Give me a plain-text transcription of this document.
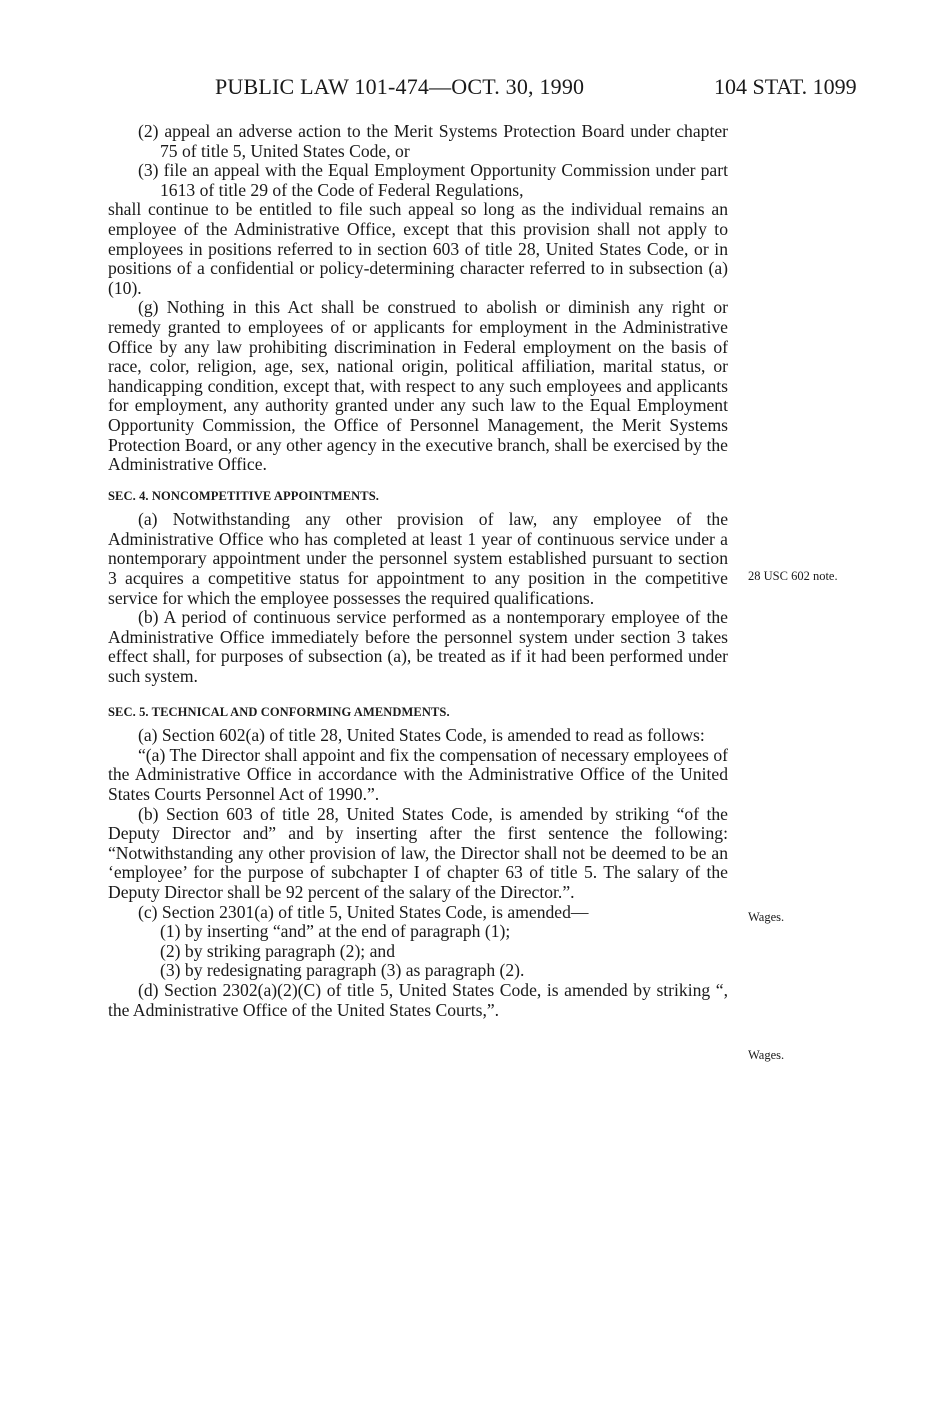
PUBLIC LAW 101-474—OCT. 30, 1990	104 STAT. 1099

(2) appeal an adverse action to the Merit Systems Protection Board under chapter 75 of title 5, United States Code, or

(3) file an appeal with the Equal Employment Opportunity Commission under part 1613 of title 29 of the Code of Federal Regulations,

shall continue to be entitled to file such appeal so long as the individual remains an employee of the Administrative Office, except that this provision shall not apply to employees in positions referred to in section 603 of title 28, United States Code, or in positions of a confidential or policy-determining character referred to in subsection (a)(10).

(g) Nothing in this Act shall be construed to abolish or diminish any right or remedy granted to employees of or applicants for employment in the Administrative Office by any law prohibiting discrimination in Federal employment on the basis of race, color, religion, age, sex, national origin, political affiliation, marital status, or handicapping condition, except that, with respect to any such employees and applicants for employment, any authority granted under any such law to the Equal Employment Opportunity Commission, the Office of Personnel Management, the Merit Systems Protection Board, or any other agency in the executive branch, shall be exercised by the Administrative Office.

SEC. 4. NONCOMPETITIVE APPOINTMENTS.

(a) Notwithstanding any other provision of law, any employee of the Administrative Office who has completed at least 1 year of continuous service under a nontemporary appointment under the personnel system established pursuant to section 3 acquires a competitive status for appointment to any position in the competitive service for which the employee possesses the required qualifications.

(b) A period of continuous service performed as a nontemporary employee of the Administrative Office immediately before the personnel system under section 3 takes effect shall, for purposes of subsection (a), be treated as if it had been performed under such system.

SEC. 5. TECHNICAL AND CONFORMING AMENDMENTS.

(a) Section 602(a) of title 28, United States Code, is amended to read as follows:

“(a) The Director shall appoint and fix the compensation of necessary employees of the Administrative Office in accordance with the Administrative Office of the United States Courts Personnel Act of 1990.”.

(b) Section 603 of title 28, United States Code, is amended by striking “of the Deputy Director and” and by inserting after the first sentence the following: “Notwithstanding any other provision of law, the Director shall not be deemed to be an ‘employee’ for the purpose of subchapter I of chapter 63 of title 5. The salary of the Deputy Director shall be 92 percent of the salary of the Director.”.

(c) Section 2301(a) of title 5, United States Code, is amended—

(1) by inserting “and” at the end of paragraph (1);

(2) by striking paragraph (2); and

(3) by redesignating paragraph (3) as paragraph (2).

(d) Section 2302(a)(2)(C) of title 5, United States Code, is amended by striking “, the Administrative Office of the United States Courts,”.

28 USC 602 note.
Wages.
Wages.
